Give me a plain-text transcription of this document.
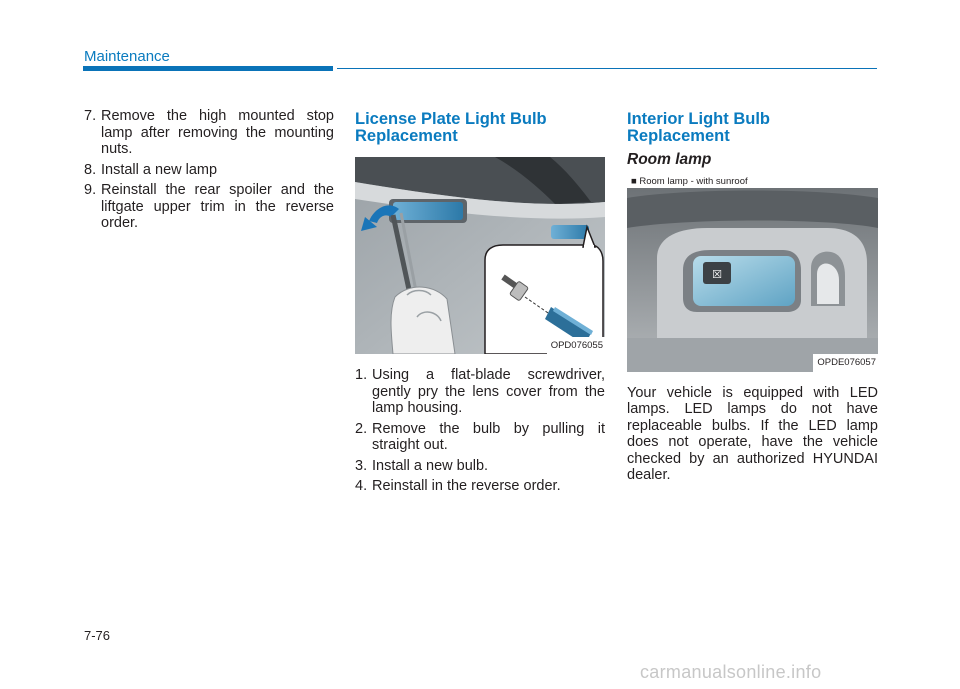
Maintenance
7. Remove the high mounted stop lamp after removing the mounting nuts.
8. Install a new lamp
9. Reinstall the rear spoiler and the liftgate upper trim in the reverse order.
License Plate Light Bulb
Replacement
OPD076055
1. Using a flat-blade screwdriver, gently pry the lens cover from the lamp housing.
2. Remove the bulb by pulling it straight out.
3. Install a new bulb.
4. Reinstall in the reverse order.
Interior Light Bulb
Replacement
Room lamp
■ Room lamp - with sunroof
☒
OPDE076057
Your vehicle is equipped with LED lamps. LED lamps do not have replaceable bulbs. If the LED lamp does not operate, have the vehicle checked by an authorized HYUNDAI dealer.
7-76
carmanualsonline.info
